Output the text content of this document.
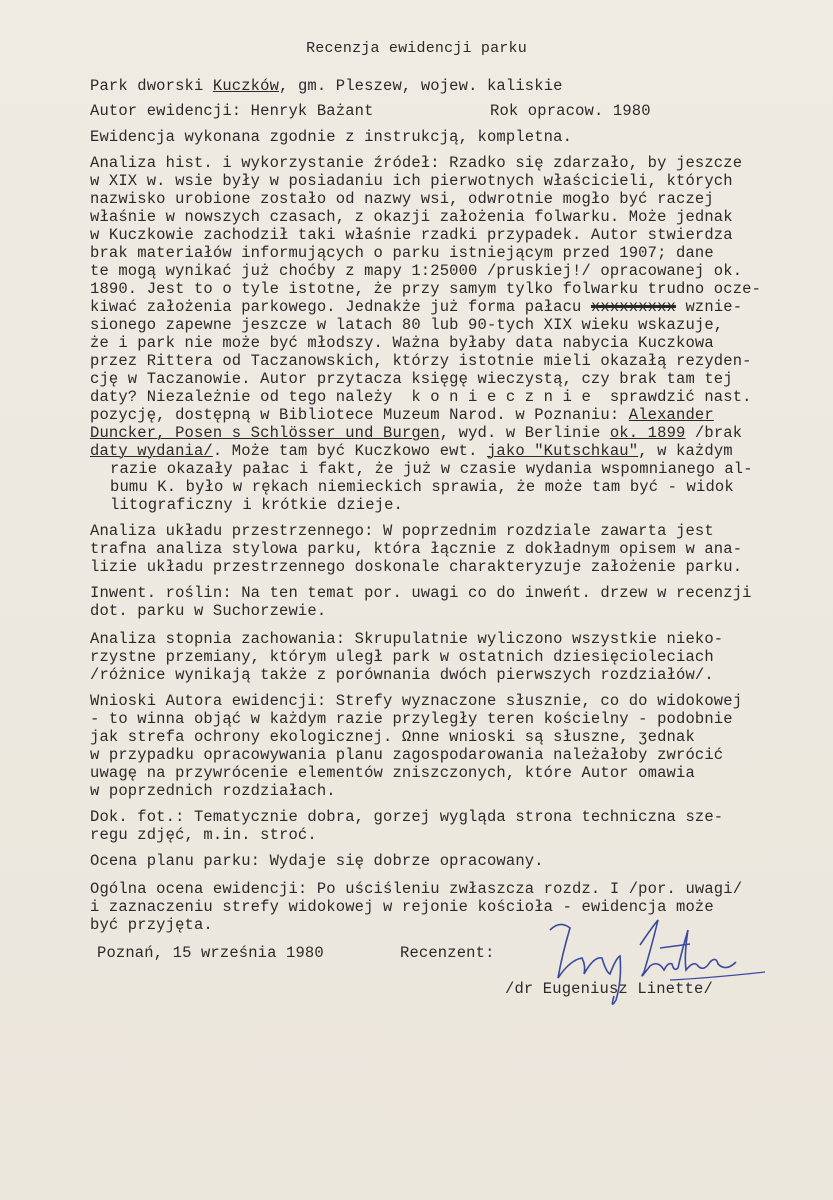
Recenzja ewidencji parku
Park dworski Kuczków, gm. Pleszew, wojew. kaliskie
Autor ewidencji: Henryk Bażant	Rok opracow. 1980
Ewidencja wykonana zgodnie z instrukcją, kompletna.
Analiza hist. i wykorzystanie źródeł: Rzadko się zdarzało, by jeszcze
w XIX w. wsie były w posiadaniu ich pierwotnych właścicieli, których
nazwisko urobione zostało od nazwy wsi, odwrotnie mogło być raczej
właśnie w nowszych czasach, z okazji założenia folwarku. Może jednak
w Kuczkowie zachodził taki właśnie rzadki przypadek. Autor stwierdza
brak materiałów informujących o parku istniejącym przed 1907; dane
te mogą wynikać już choćby z mapy 1:25000 /pruskiej!/ opracowanej ok.
1890. Jest to o tyle istotne, że przy samym tylko folwarku trudno ocze-
kiwać założenia parkowego. Jednakże już forma pałacu xxxxxxxxx wznie-
sionego zapewne jeszcze w latach 80 lub 90-tych XIX wieku wskazuje,
że i park nie może być młodszy. Ważna byłaby data nabycia Kuczkowa
przez Rittera od Taczanowskich, którzy istotnie mieli okazałą rezyden-
cję w Taczanowie. Autor przytacza księgę wieczystą, czy brak tam tej
daty? Niezależnie od tego należy  k o n i e c z n i e  sprawdzić nast.
pozycję, dostępną w Bibliotece Muzeum Narod. w Poznaniu: Alexander
Duncker, Posen s Schlösser und Burgen, wyd. w Berlinie ok. 1899 /brak
daty wydania/. Może tam być Kuczkowo ewt. jako "Kutschkau", w każdym
razie okazały pałac i fakt, że już w czasie wydania wspomnianego al-
bumu K. było w rękach niemieckich sprawia, że może tam być - widok
litograficzny i krótkie dzieje.
Analiza układu przestrzennego: W poprzednim rozdziale zawarta jest
trafna analiza stylowa parku, która łącznie z dokładnym opisem w ana-
lizie układu przestrzennego doskonale charakteryzuje założenie parku.
Inwent. roślin: Na ten temat por. uwagi co do inweńt. drzew w recenzji
dot. parku w Suchorzewie.
Analiza stopnia zachowania: Skrupulatnie wyliczono wszystkie nieko-
rzystne przemiany, którym uległ park w ostatnich dziesięcioleciach
/różnice wynikają także z porównania dwóch pierwszych rozdziałów/.
Wnioski Autora ewidencji: Strefy wyznaczone słusznie, co do widokowej
- to winna objąć w każdym razie przyległy teren kościelny - podobnie
jak strefa ochrony ekologicznej. Ωnne wnioski są słuszne, ʒednak
w przypadku opracowywania planu zagospodarowania należałoby zwrócić
uwagę na przywrócenie elementów zniszczonych, które Autor omawia
w poprzednich rozdziałach.
Dok. fot.: Tematycznie dobra, gorzej wygląda strona techniczna sze-
regu zdjęć, m.in. stroć.
Ocena planu parku: Wydaje się dobrze opracowany.
Ogólna ocena ewidencji: Po uściśleniu zwłaszcza rozdz. I /por. uwagi/
i zaznaczeniu strefy widokowej w rejonie kościoła - ewidencja może
być przyjęta.
Poznań, 15 września 1980	Recenzent:
/dr Eugeniusz Linette/
